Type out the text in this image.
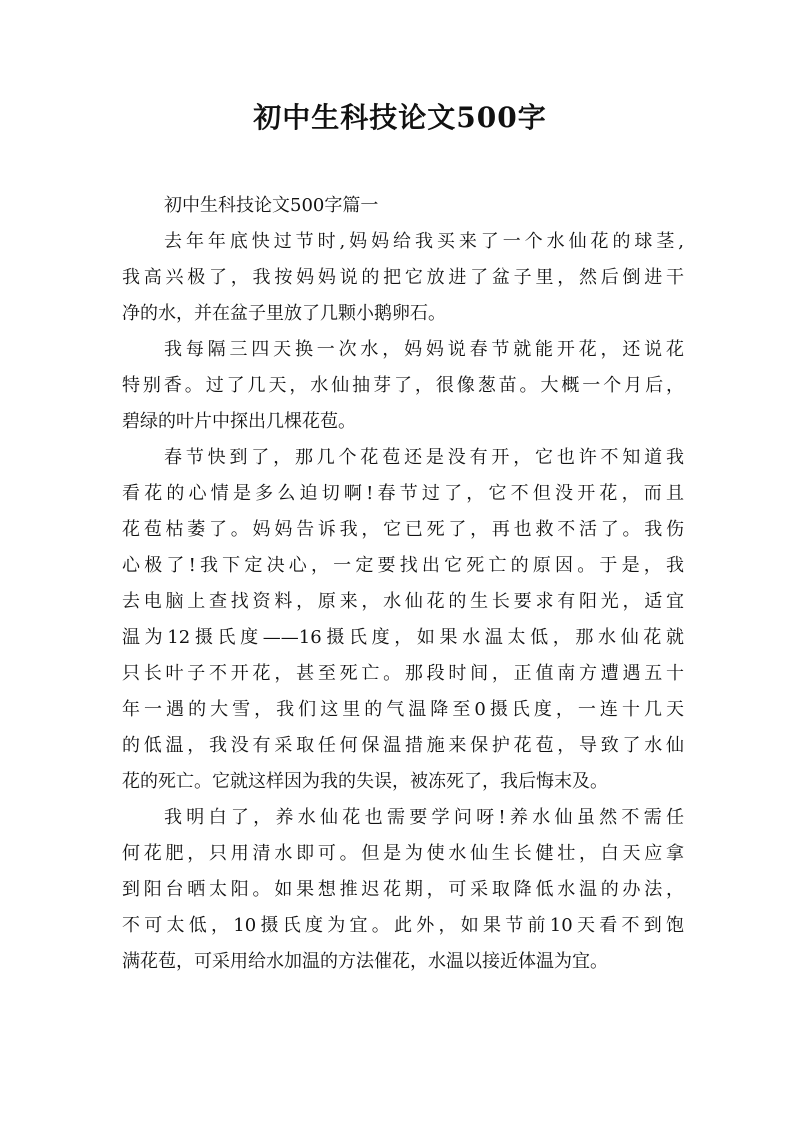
初中生科技论文500字

初中生科技论文500字篇一

去年年底快过节时,妈妈给我买来了一个水仙花的球茎,
我高兴极了，我按妈妈说的把它放进了盆子里，然后倒进干
净的水，并在盆子里放了几颗小鹅卵石。

我每隔三四天换一次水，妈妈说春节就能开花，还说花
特别香。过了几天，水仙抽芽了，很像葱苗。大概一个月后，
碧绿的叶片中探出几棵花苞。

春节快到了，那几个花苞还是没有开，它也许不知道我
看花的心情是多么迫切啊!春节过了，它不但没开花，而且
花苞枯萎了。妈妈告诉我，它已死了，再也救不活了。我伤
心极了!我下定决心，一定要找出它死亡的原因。于是，我
去电脑上查找资料，原来，水仙花的生长要求有阳光，适宜
温为12摄氏度——16摄氏度，如果水温太低，那水仙花就
只长叶子不开花，甚至死亡。那段时间，正值南方遭遇五十
年一遇的大雪，我们这里的气温降至0摄氏度，一连十几天
的低温，我没有采取任何保温措施来保护花苞，导致了水仙
花的死亡。它就这样因为我的失误，被冻死了，我后悔末及。

我明白了，养水仙花也需要学问呀!养水仙虽然不需任
何花肥，只用清水即可。但是为使水仙生长健壮，白天应拿
到阳台晒太阳。如果想推迟花期，可采取降低水温的办法，
不可太低，10摄氏度为宜。此外，如果节前10天看不到饱
满花苞，可采用给水加温的方法催花，水温以接近体温为宜。
